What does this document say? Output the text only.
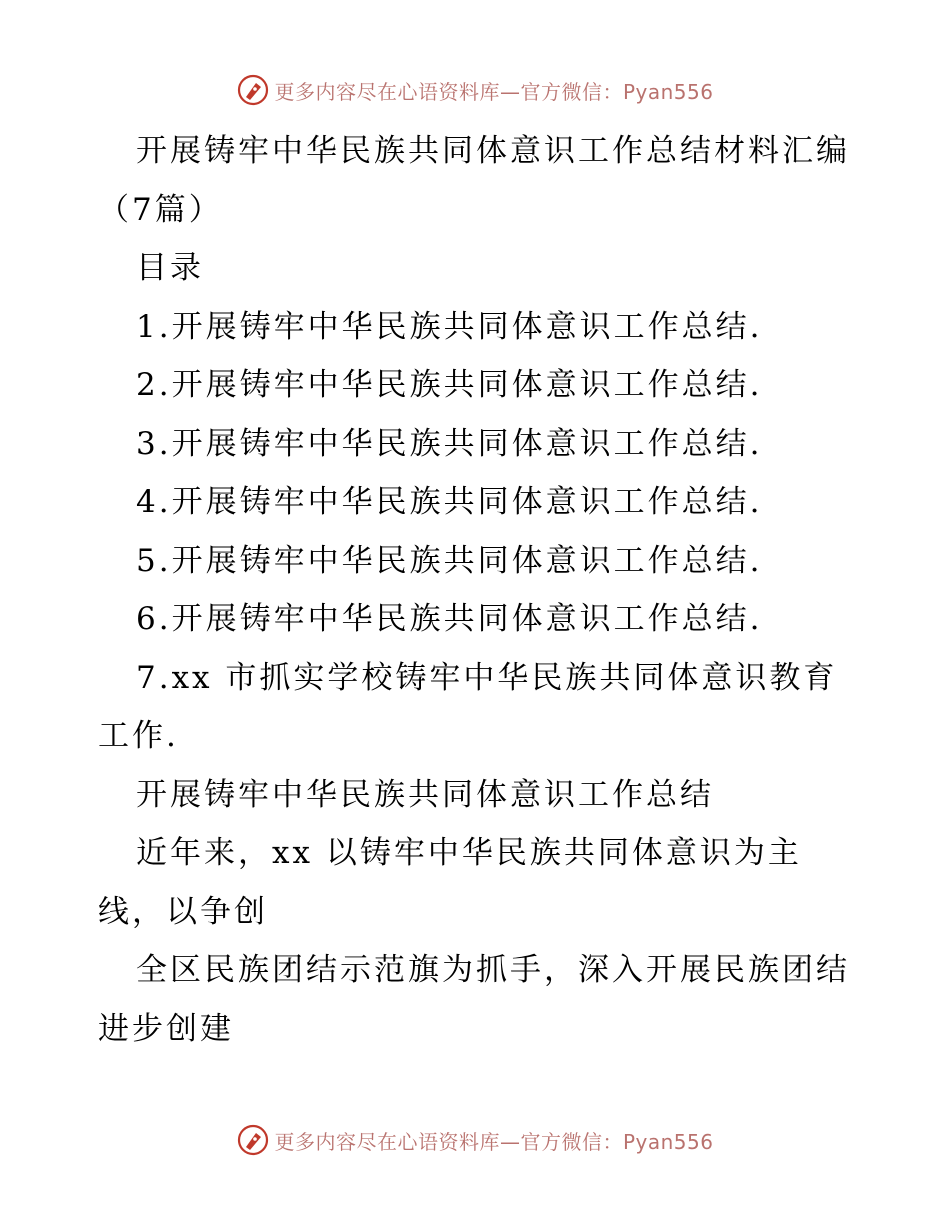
更多内容尽在心语资料库—官方微信：Pyan556

开展铸牢中华民族共同体意识工作总结材料汇编（7篇）

目录

1.开展铸牢中华民族共同体意识工作总结.

2.开展铸牢中华民族共同体意识工作总结.

3.开展铸牢中华民族共同体意识工作总结.

4.开展铸牢中华民族共同体意识工作总结.

5.开展铸牢中华民族共同体意识工作总结.

6.开展铸牢中华民族共同体意识工作总结.

7.xx 市抓实学校铸牢中华民族共同体意识教育工作.

开展铸牢中华民族共同体意识工作总结

近年来，xx 以铸牢中华民族共同体意识为主线，以争创

全区民族团结示范旗为抓手，深入开展民族团结进步创建

更多内容尽在心语资料库—官方微信：Pyan556
